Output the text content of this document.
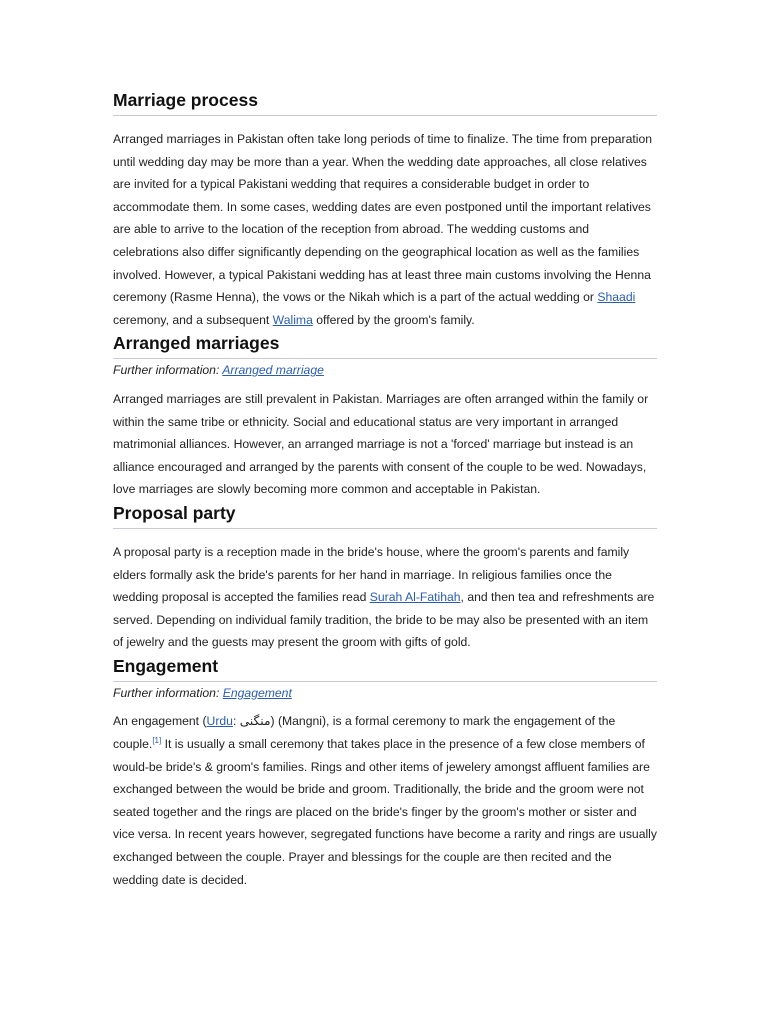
Marriage process

Arranged marriages in Pakistan often take long periods of time to finalize. The time from preparation until wedding day may be more than a year. When the wedding date approaches, all close relatives are invited for a typical Pakistani wedding that requires a considerable budget in order to accommodate them. In some cases, wedding dates are even postponed until the important relatives are able to arrive to the location of the reception from abroad. The wedding customs and celebrations also differ significantly depending on the geographical location as well as the families involved. However, a typical Pakistani wedding has at least three main customs involving the Henna ceremony (Rasme Henna), the vows or the Nikah which is a part of the actual wedding or Shaadi ceremony, and a subsequent Walima offered by the groom's family.

Arranged marriages

Further information: Arranged marriage

Arranged marriages are still prevalent in Pakistan. Marriages are often arranged within the family or within the same tribe or ethnicity. Social and educational status are very important in arranged matrimonial alliances. However, an arranged marriage is not a 'forced' marriage but instead is an alliance encouraged and arranged by the parents with consent of the couple to be wed. Nowadays, love marriages are slowly becoming more common and acceptable in Pakistan.

Proposal party

A proposal party is a reception made in the bride's house, where the groom's parents and family elders formally ask the bride's parents for her hand in marriage. In religious families once the wedding proposal is accepted the families read Surah Al-Fatihah, and then tea and refreshments are served. Depending on individual family tradition, the bride to be may also be presented with an item of jewelry and the guests may present the groom with gifts of gold.

Engagement

Further information: Engagement

An engagement (Urdu: منگنی) (Mangni), is a formal ceremony to mark the engagement of the couple.[1] It is usually a small ceremony that takes place in the presence of a few close members of would-be bride's & groom's families. Rings and other items of jewelery amongst affluent families are exchanged between the would be bride and groom. Traditionally, the bride and the groom were not seated together and the rings are placed on the bride's finger by the groom's mother or sister and vice versa. In recent years however, segregated functions have become a rarity and rings are usually exchanged between the couple. Prayer and blessings for the couple are then recited and the wedding date is decided.
